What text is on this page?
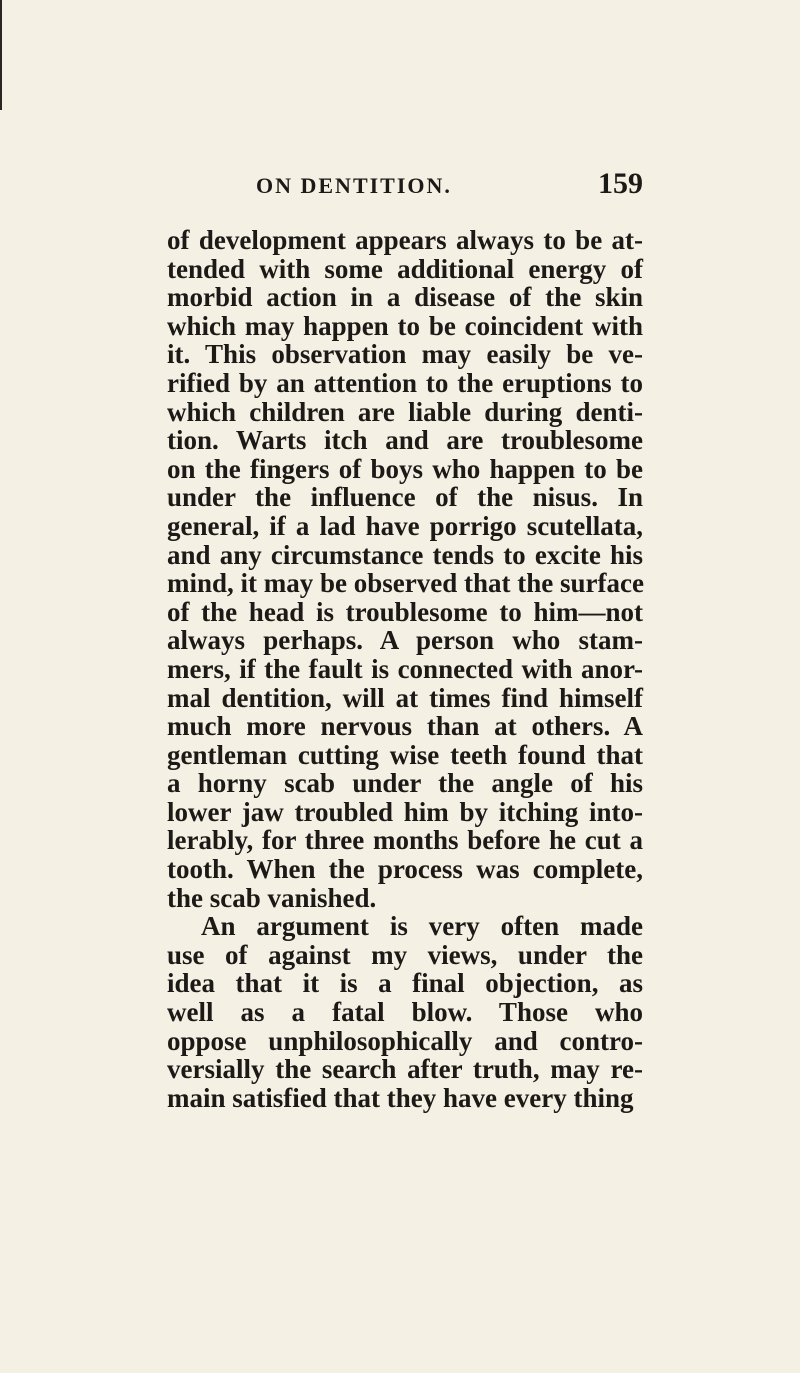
ON DENTITION.	159
of development appears always to be at-
tended with some additional energy of
morbid action in a disease of the skin
which may happen to be coincident with
it. This observation may easily be ve-
rified by an attention to the eruptions to
which children are liable during denti-
tion. Warts itch and are troublesome
on the fingers of boys who happen to be
under the influence of the nisus. In
general, if a lad have porrigo scutellata,
and any circumstance tends to excite his
mind, it may be observed that the surface
of the head is troublesome to him—not
always perhaps. A person who stam-
mers, if the fault is connected with anor-
mal dentition, will at times find himself
much more nervous than at others. A
gentleman cutting wise teeth found that
a horny scab under the angle of his
lower jaw troubled him by itching into-
lerably, for three months before he cut a
tooth. When the process was complete,
the scab vanished.
An argument is very often made
use of against my views, under the
idea that it is a final objection, as
well as a fatal blow. Those who
oppose unphilosophically and contro-
versially the search after truth, may re-
main satisfied that they have every thing
